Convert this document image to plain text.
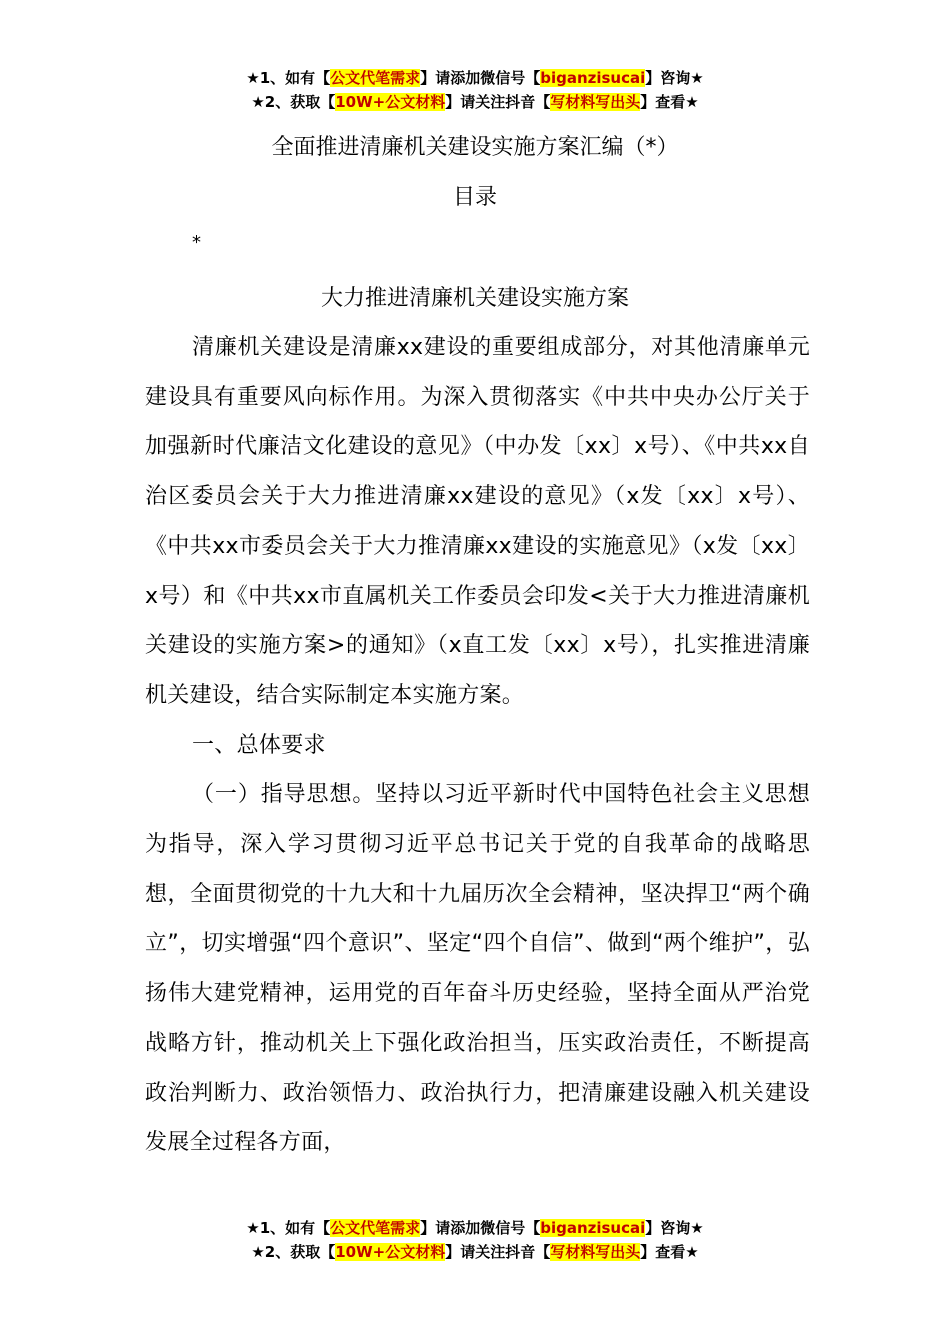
★1、如有【公文代笔需求】请添加微信号【biganzisucai】咨询★
★2、获取【10W+公文材料】请关注抖音【写材料写出头】查看★
全面推进清廉机关建设实施方案汇编（*）
目录
*
大力推进清廉机关建设实施方案

清廉机关建设是清廉xx建设的重要组成部分，对其他清廉单元建设具有重要风向标作用。为深入贯彻落实《中共中央办公厅关于加强新时代廉洁文化建设的意见》（中办发〔xx〕x号）、《中共xx自治区委员会关于大力推进清廉xx建设的意见》（x发〔xx〕x号）、《中共xx市委员会关于大力推清廉xx建设的实施意见》（x发〔xx〕x号）和《中共xx市直属机关工作委员会印发<关于大力推进清廉机关建设的实施方案>的通知》（x直工发〔xx〕x号），扎实推进清廉机关建设，结合实际制定本实施方案。

一、总体要求

（一）指导思想。坚持以习近平新时代中国特色社会主义思想为指导，深入学习贯彻习近平总书记关于党的自我革命的战略思想，全面贯彻党的十九大和十九届历次全会精神，坚决捍卫“两个确立”，切实增强“四个意识”、坚定“四个自信”、做到“两个维护”，弘扬伟大建党精神，运用党的百年奋斗历史经验，坚持全面从严治党战略方针，推动机关上下强化政治担当，压实政治责任，不断提高政治判断力、政治领悟力、政治执行力，把清廉建设融入机关建设发展全过程各方面，

★1、如有【公文代笔需求】请添加微信号【biganzisucai】咨询★
★2、获取【10W+公文材料】请关注抖音【写材料写出头】查看★
